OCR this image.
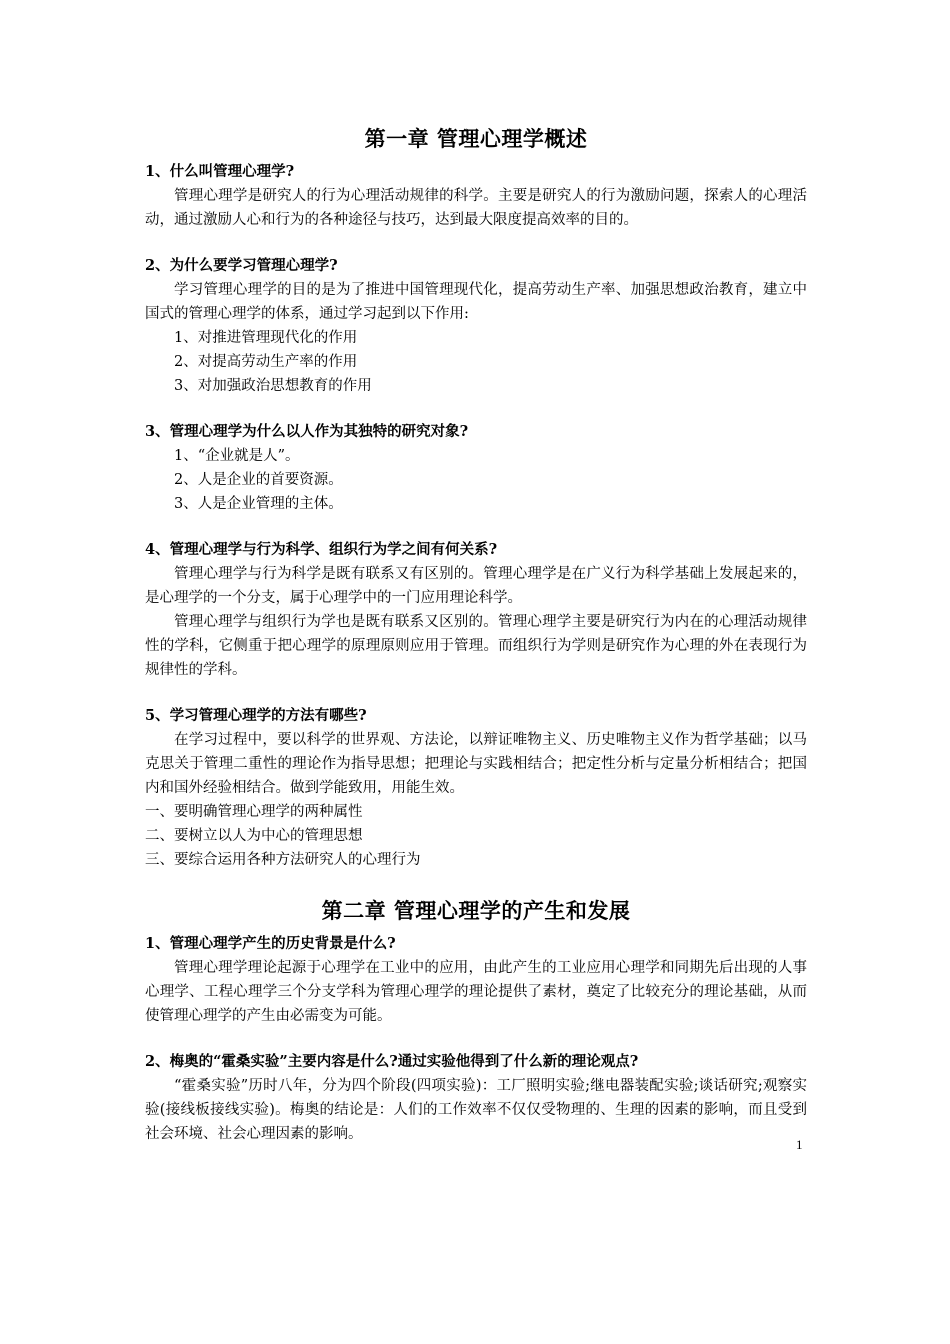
第一章 管理心理学概述

1、什么叫管理心理学?

管理心理学是研究人的行为心理活动规律的科学。主要是研究人的行为激励问题，探索人的心理活动，通过激励人心和行为的各种途径与技巧，达到最大限度提高效率的目的。

2、为什么要学习管理心理学?

学习管理心理学的目的是为了推进中国管理现代化，提高劳动生产率、加强思想政治教育，建立中国式的管理心理学的体系，通过学习起到以下作用:

1、对推进管理现代化的作用

2、对提高劳动生产率的作用

3、对加强政治思想教育的作用

3、管理心理学为什么以人作为其独特的研究对象?

1、“企业就是人”。

2、人是企业的首要资源。

3、人是企业管理的主体。

4、管理心理学与行为科学、组织行为学之间有何关系?

管理心理学与行为科学是既有联系又有区别的。管理心理学是在广义行为科学基础上发展起来的，是心理学的一个分支，属于心理学中的一门应用理论科学。

管理心理学与组织行为学也是既有联系又区别的。管理心理学主要是研究行为内在的心理活动规律性的学科，它侧重于把心理学的原理原则应用于管理。而组织行为学则是研究作为心理的外在表现行为规律性的学科。

5、学习管理心理学的方法有哪些?

在学习过程中，要以科学的世界观、方法论，以辩证唯物主义、历史唯物主义作为哲学基础；以马克思关于管理二重性的理论作为指导思想；把理论与实践相结合；把定性分析与定量分析相结合；把国内和国外经验相结合。做到学能致用，用能生效。

一、要明确管理心理学的两种属性

二、要树立以人为中心的管理思想

三、要综合运用各种方法研究人的心理行为

第二章 管理心理学的产生和发展

1、管理心理学产生的历史背景是什么?

管理心理学理论起源于心理学在工业中的应用，由此产生的工业应用心理学和同期先后出现的人事心理学、工程心理学三个分支学科为管理心理学的理论提供了素材，奠定了比较充分的理论基础，从而使管理心理学的产生由必需变为可能。

2、梅奥的“霍桑实验”主要内容是什么?通过实验他得到了什么新的理论观点?

“霍桑实验”历时八年，分为四个阶段(四项实验)：工厂照明实验;继电器装配实验;谈话研究;观察实验(接线板接线实验)。梅奥的结论是：人们的工作效率不仅仅受物理的、生理的因素的影响，而且受到社会环境、社会心理因素的影响。

1
